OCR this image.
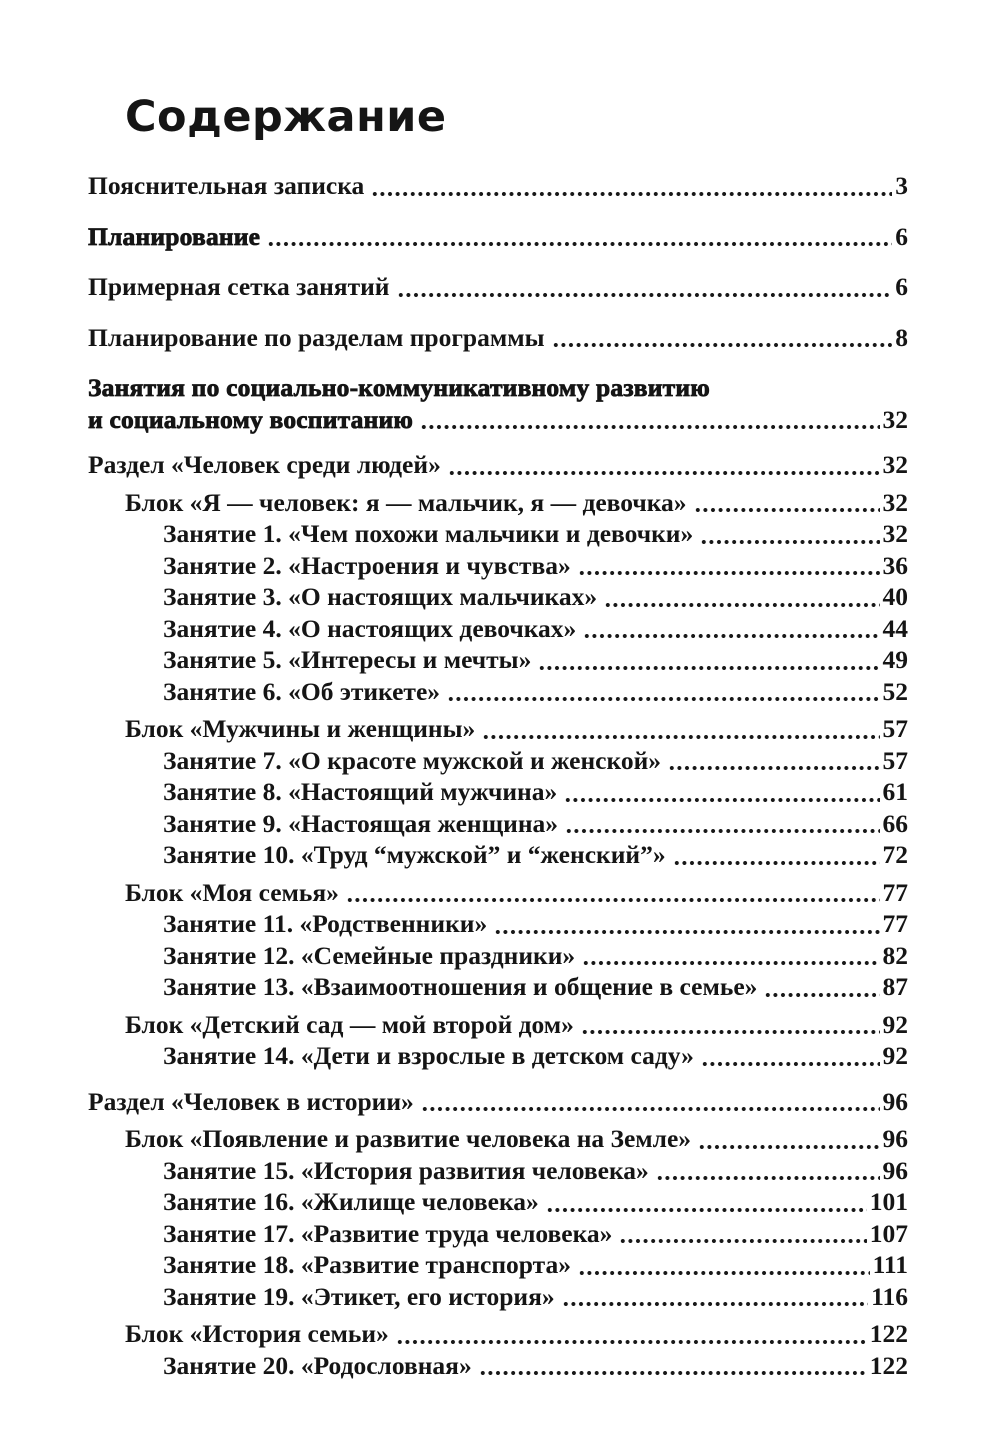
Содержание
Пояснительная записка	3
Планирование	6
Примерная сетка занятий	6
Планирование по разделам программы	8
Занятия по социально-коммуникативному развитию
и социальному воспитанию	32
Раздел «Человек среди людей»	32
Блок «Я — человек: я — мальчик, я — девочка»	32
Занятие 1. «Чем похожи мальчики и девочки»	32
Занятие 2. «Настроения и чувства»	36
Занятие 3. «О настоящих мальчиках»	40
Занятие 4. «О настоящих девочках»	44
Занятие 5. «Интересы и мечты»	49
Занятие 6. «Об этикете»	52
Блок «Мужчины и женщины»	57
Занятие 7. «О красоте мужской и женской»	57
Занятие 8. «Настоящий мужчина»	61
Занятие 9. «Настоящая женщина»	66
Занятие 10. «Труд “мужской” и “женский”»	72
Блок «Моя семья»	77
Занятие 11. «Родственники»	77
Занятие 12. «Семейные праздники»	82
Занятие 13. «Взаимоотношения и общение в семье»	87
Блок «Детский сад — мой второй дом»	92
Занятие 14. «Дети и взрослые в детском саду»	92
Раздел «Человек в истории»	96
Блок «Появление и развитие человека на Земле»	96
Занятие 15. «История развития человека»	96
Занятие 16. «Жилище человека»	101
Занятие 17. «Развитие труда человека»	107
Занятие 18. «Развитие транспорта»	111
Занятие 19. «Этикет, его история»	116
Блок «История семьи»	122
Занятие 20. «Родословная»	122
